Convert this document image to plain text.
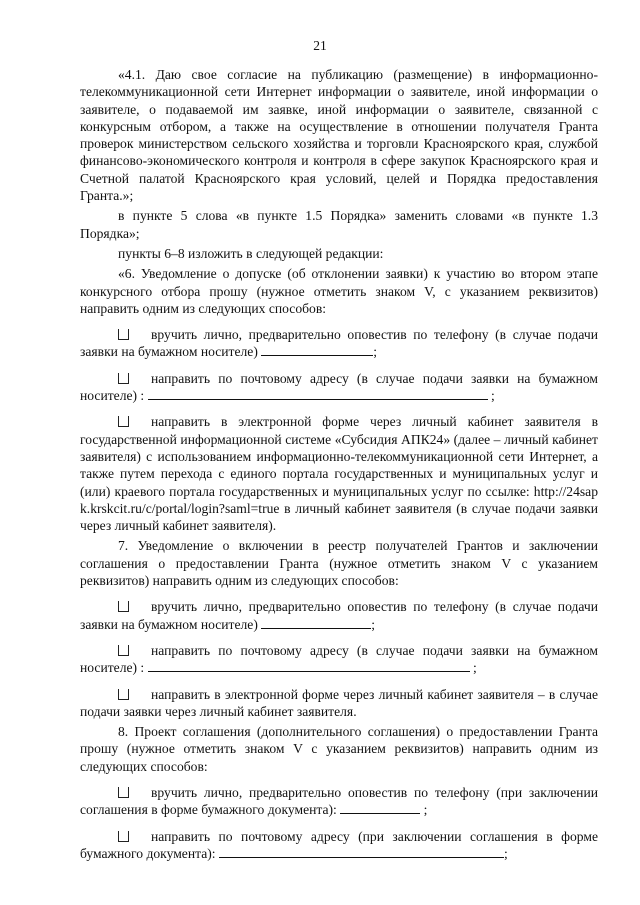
21

«4.1. Даю свое согласие на публикацию (размещение) в информационно-телекоммуникационной сети Интернет информации о заявителе, иной информации о заявителе, о подаваемой им заявке, иной информации о заявителе, связанной с конкурсным отбором, а также на осуществление в отношении получателя Гранта проверок министерством сельского хозяйства и торговли Красноярского края, службой финансово-экономического контроля и контроля в сфере закупок Красноярского края и Счетной палатой Красноярского края условий, целей и Порядка предоставления Гранта.»;

в пункте 5 слова «в пункте 1.5 Порядка» заменить словами «в пункте 1.3 Порядка»;

пункты 6–8 изложить в следующей редакции:

«6. Уведомление о допуске (об отклонении заявки) к участию во втором этапе конкурсного отбора прошу (нужное отметить знаком V, с указанием реквизитов) направить одним из следующих способов:

вручить лично, предварительно оповестив по телефону (в случае подачи заявки на бумажном носителе)	;

направить по почтовому адресу (в случае подачи заявки на бумажном носителе) :	;

направить в электронной форме через личный кабинет заявителя в государственной информационной системе «Субсидия АПК24» (далее – личный кабинет заявителя) с использованием информационно-телекоммуникационной сети Интернет, а также путем перехода с единого портала государственных и муниципальных услуг и (или) краевого портала государственных и муниципальных услуг по ссылке: http://24sapk.krskcit.ru/c/portal/login?saml=true в личный кабинет заявителя (в случае подачи заявки через личный кабинет заявителя).

7. Уведомление о включении в реестр получателей Грантов и заключении соглашения о предоставлении Гранта (нужное отметить знаком V с указанием реквизитов) направить одним из следующих способов:

вручить лично, предварительно оповестив по телефону (в случае подачи заявки на бумажном носителе)	;

направить по почтовому адресу (в случае подачи заявки на бумажном носителе) :	;

направить в электронной форме через личный кабинет заявителя – в случае подачи заявки через личный кабинет заявителя.

8. Проект соглашения (дополнительного соглашения) о предоставлении Гранта прошу (нужное отметить знаком V с указанием реквизитов) направить одним из следующих способов:

вручить лично, предварительно оповестив по телефону (при заключении соглашения в форме бумажного документа):	;

направить по почтовому адресу (при заключении соглашения в форме бумажного документа):	;
